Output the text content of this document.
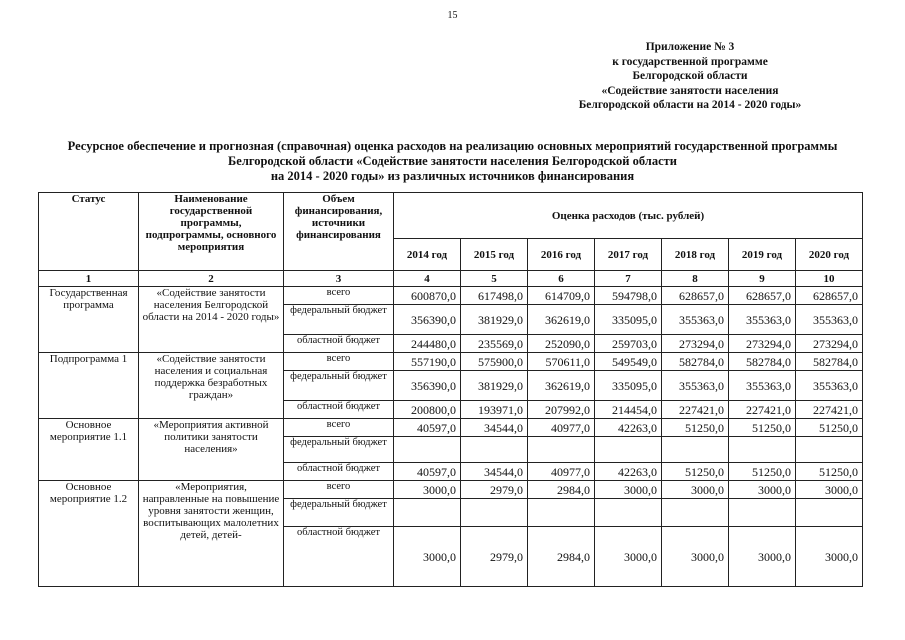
15
Приложение № 3
к государственной программе
Белгородской области
«Содействие занятости населения
Белгородской области на 2014 - 2020 годы»
Ресурсное обеспечение и прогнозная (справочная) оценка расходов на реализацию основных мероприятий государственной программы
Белгородской области «Содействие занятости населения Белгородской области
на 2014 - 2020 годы» из различных источников финансирования
Статус	Наименование государственной программы, подпрограммы, основного мероприятия	Объем финансирования, источники финансирования	Оценка расходов (тыс. рублей)						
			2014 год	2015 год	2016 год	2017 год	2018 год	2019 год	2020 год
1	2	3	4	5	6	7	8	9	10
Государственная программа	«Содействие занятости населения Белгородской области на 2014 - 2020 годы»	всего	600870,0	617498,0	614709,0	594798,0	628657,0	628657,0	628657,0
		федеральный бюджет	356390,0	381929,0	362619,0	335095,0	355363,0	355363,0	355363,0
		областной бюджет	244480,0	235569,0	252090,0	259703,0	273294,0	273294,0	273294,0
Подпрограмма 1	«Содействие занятости населения и социальная поддержка безработных граждан»	всего	557190,0	575900,0	570611,0	549549,0	582784,0	582784,0	582784,0
		федеральный бюджет	356390,0	381929,0	362619,0	335095,0	355363,0	355363,0	355363,0
		областной бюджет	200800,0	193971,0	207992,0	214454,0	227421,0	227421,0	227421,0
Основное мероприятие 1.1	«Мероприятия активной политики занятости населения»	всего	40597,0	34544,0	40977,0	42263,0	51250,0	51250,0	51250,0
		федеральный бюджет							
		областной бюджет	40597,0	34544,0	40977,0	42263,0	51250,0	51250,0	51250,0
Основное мероприятие 1.2	«Мероприятия, направленные на повышение уровня занятости женщин, воспитывающих малолетних детей, детей-	всего	3000,0	2979,0	2984,0	3000,0	3000,0	3000,0	3000,0
		федеральный бюджет							
		областной бюджет	3000,0	2979,0	2984,0	3000,0	3000,0	3000,0	3000,0
